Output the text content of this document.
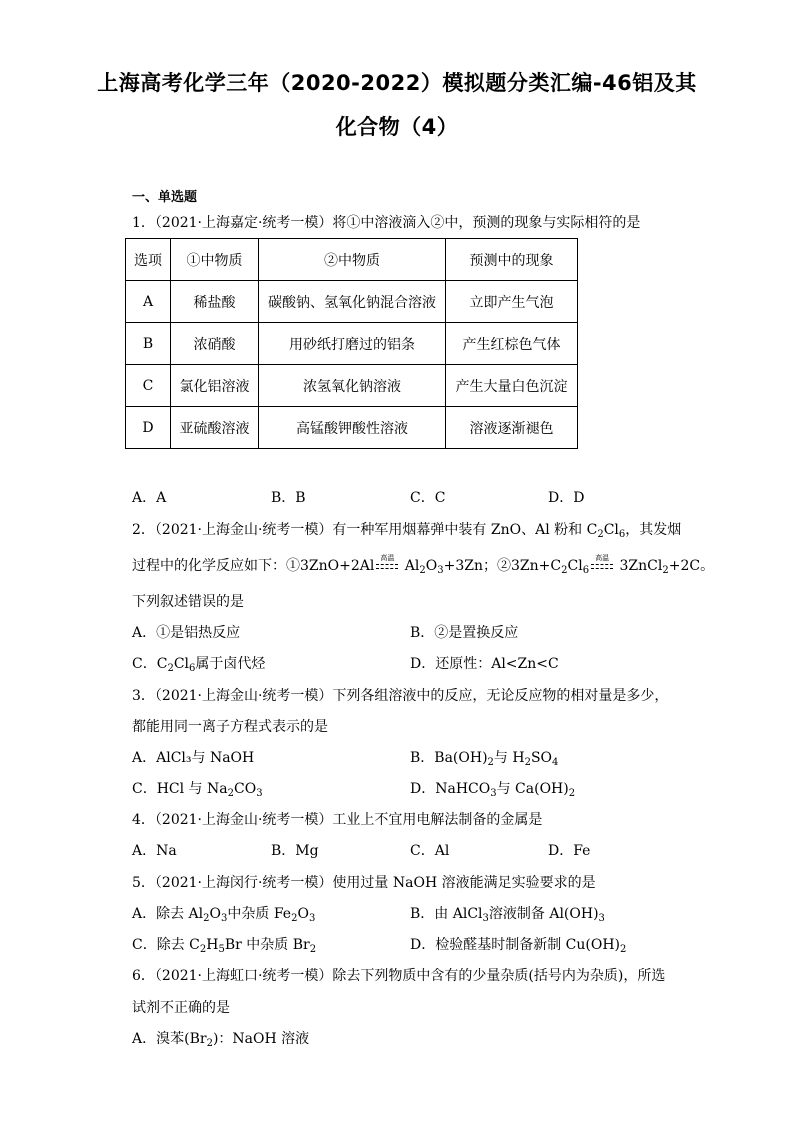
上海高考化学三年（2020-2022）模拟题分类汇编-46铝及其
化合物（4）
一、单选题
1．（2021·上海嘉定·统考一模）将①中溶液滴入②中，预测的现象与实际相符的是
选项	①中物质	②中物质	预测中的现象
A	稀盐酸	碳酸钠、氢氧化钠混合溶液	立即产生气泡
B	浓硝酸	用砂纸打磨过的铝条	产生红棕色气体
C	氯化铝溶液	浓氢氧化钠溶液	产生大量白色沉淀
D	亚硫酸溶液	高锰酸钾酸性溶液	溶液逐渐褪色
A．A	B．B	C．C	D．D
2．（2021·上海金山·统考一模）有一种军用烟幕弹中装有 ZnO、Al 粉和 $C_2Cl_6$，其发烟
过程中的化学反应如下：①3ZnO+2Al 高温 $Al_2O_3+3Zn$；$②3Zn+C_2Cl_6$
高温 3ZnCl$_2$+2C。
下列叙述错误的是
A．①是铝热反应	B．②是置换反应
C．$C_2Cl_6$属于卤代烃	D．还原性：Al<Zn<C
3．（2021·上海金山·统考一模）下列各组溶液中的反应，无论反应物的相对量是多少，
都能用同一离子方程式表示的是
A．AlCl₃与 NaOH	B．$Ba(OH)_2$与 $H_2SO_4$
C．HCl 与 $Na_2CO_3$	D．NaHCO$_3$与 $Ca(OH)_2$
4．（2021·上海金山·统考一模）工业上不宜用电解法制备的金属是
A．Na	B．Mg	C．Al	D．Fe
5．（2021·上海闵行·统考一模）使用过量 NaOH 溶液能满足实验要求的是
A．除去 $Al_2O_3$中杂质 $Fe_2O_3$	B．由 AlCl$_3$溶液制备 $Al(OH)_3$
C．除去 $C_2H_5Br$ 中杂质 $Br_2$	D．检验醛基时制备新制 $Cu(OH)_2$
6．（2021·上海虹口·统考一模）除去下列物质中含有的少量杂质(括号内为杂质)，所选
试剂不正确的是
A．溴苯$(Br_2)$：NaOH 溶液
